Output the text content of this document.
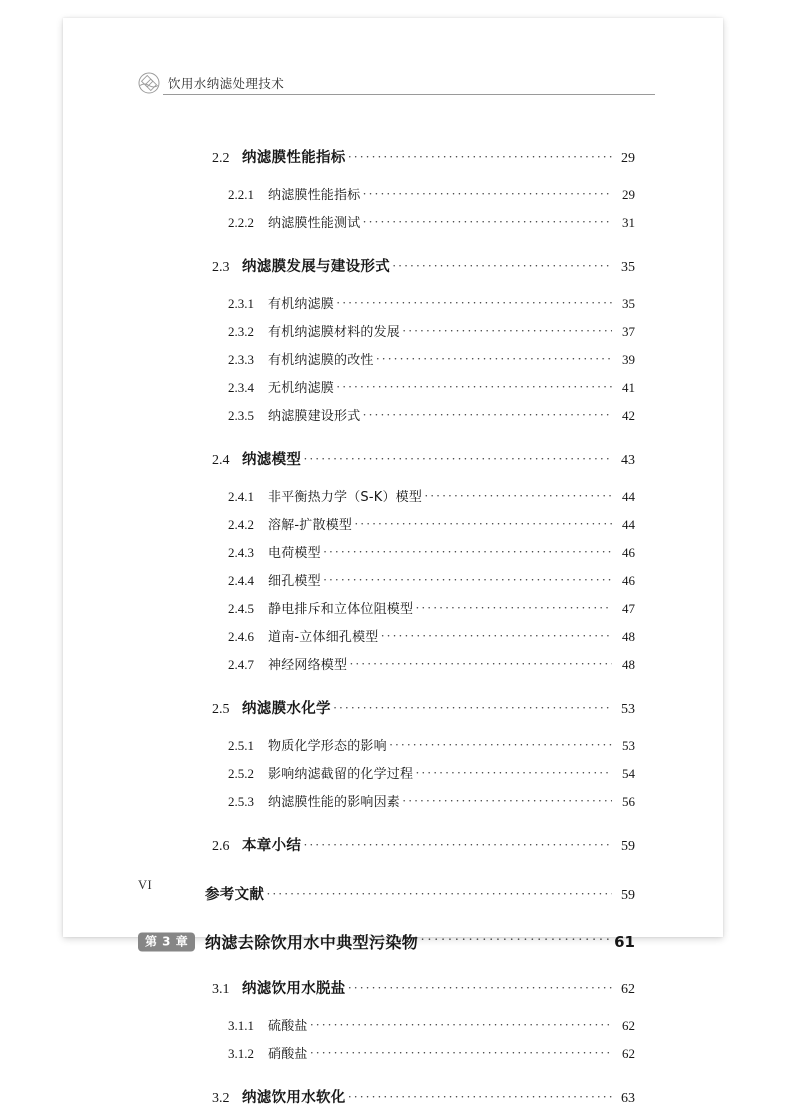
饮用水纳滤处理技术
2.2 纳滤膜性能指标 ·····	29
2.2.1	纳滤膜性能指标 ·····	29
2.2.2	纳滤膜性能测试 ·····	31
2.3 纳滤膜发展与建设形式 ·····	35
2.3.1	有机纳滤膜 ·····	35
2.3.2	有机纳滤膜材料的发展 ·····	37
2.3.3	有机纳滤膜的改性 ·····	39
2.3.4	无机纳滤膜 ·····	41
2.3.5	纳滤膜建设形式 ·····	42
2.4 纳滤模型 ·····	43
2.4.1	非平衡热力学（S-K）模型 ·····	44
2.4.2	溶解-扩散模型 ·····	44
2.4.3	电荷模型 ·····	46
2.4.4	细孔模型 ·····	46
2.4.5	静电排斥和立体位阻模型 ·····	47
2.4.6	道南-立体细孔模型 ·····	48
2.4.7	神经网络模型 ·····	48
2.5 纳滤膜水化学 ·····	53
2.5.1	物质化学形态的影响 ·····	53
2.5.2	影响纳滤截留的化学过程 ·····	54
2.5.3	纳滤膜性能的影响因素 ·····	56
2.6 本章小结 ·····	59
参考文献 ·····	59
第 3 章	纳滤去除饮用水中典型污染物 ·····	61
3.1 纳滤饮用水脱盐 ·····	62
3.1.1	硫酸盐 ·····	62
3.1.2	硝酸盐 ·····	62
3.2 纳滤饮用水软化 ·····	63
VI
